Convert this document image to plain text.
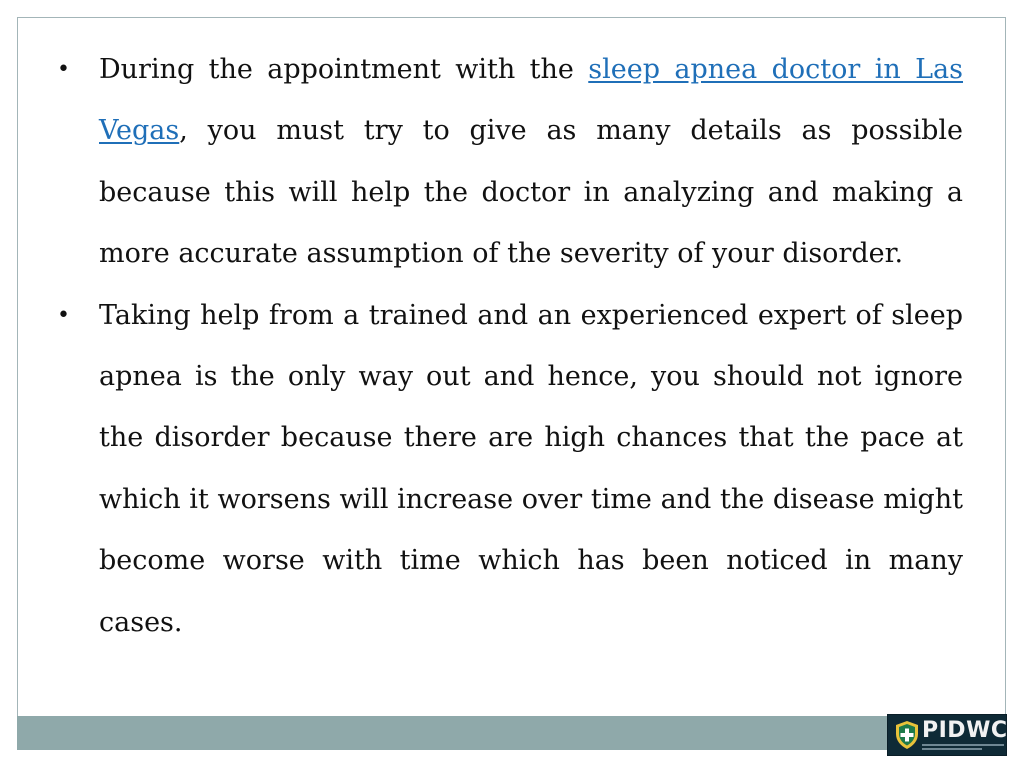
• During the appointment with the sleep apnea doctor in Las Vegas, you must try to give as many details as possible because this will help the doctor in analyzing and making a more accurate assumption of the severity of your disorder.
• Taking help from a trained and an experienced expert of sleep apnea is the only way out and hence, you should not ignore the disorder because there are high chances that the pace at which it worsens will increase over time and the disease might become worse with time which has been noticed in many cases.
PIDWC
